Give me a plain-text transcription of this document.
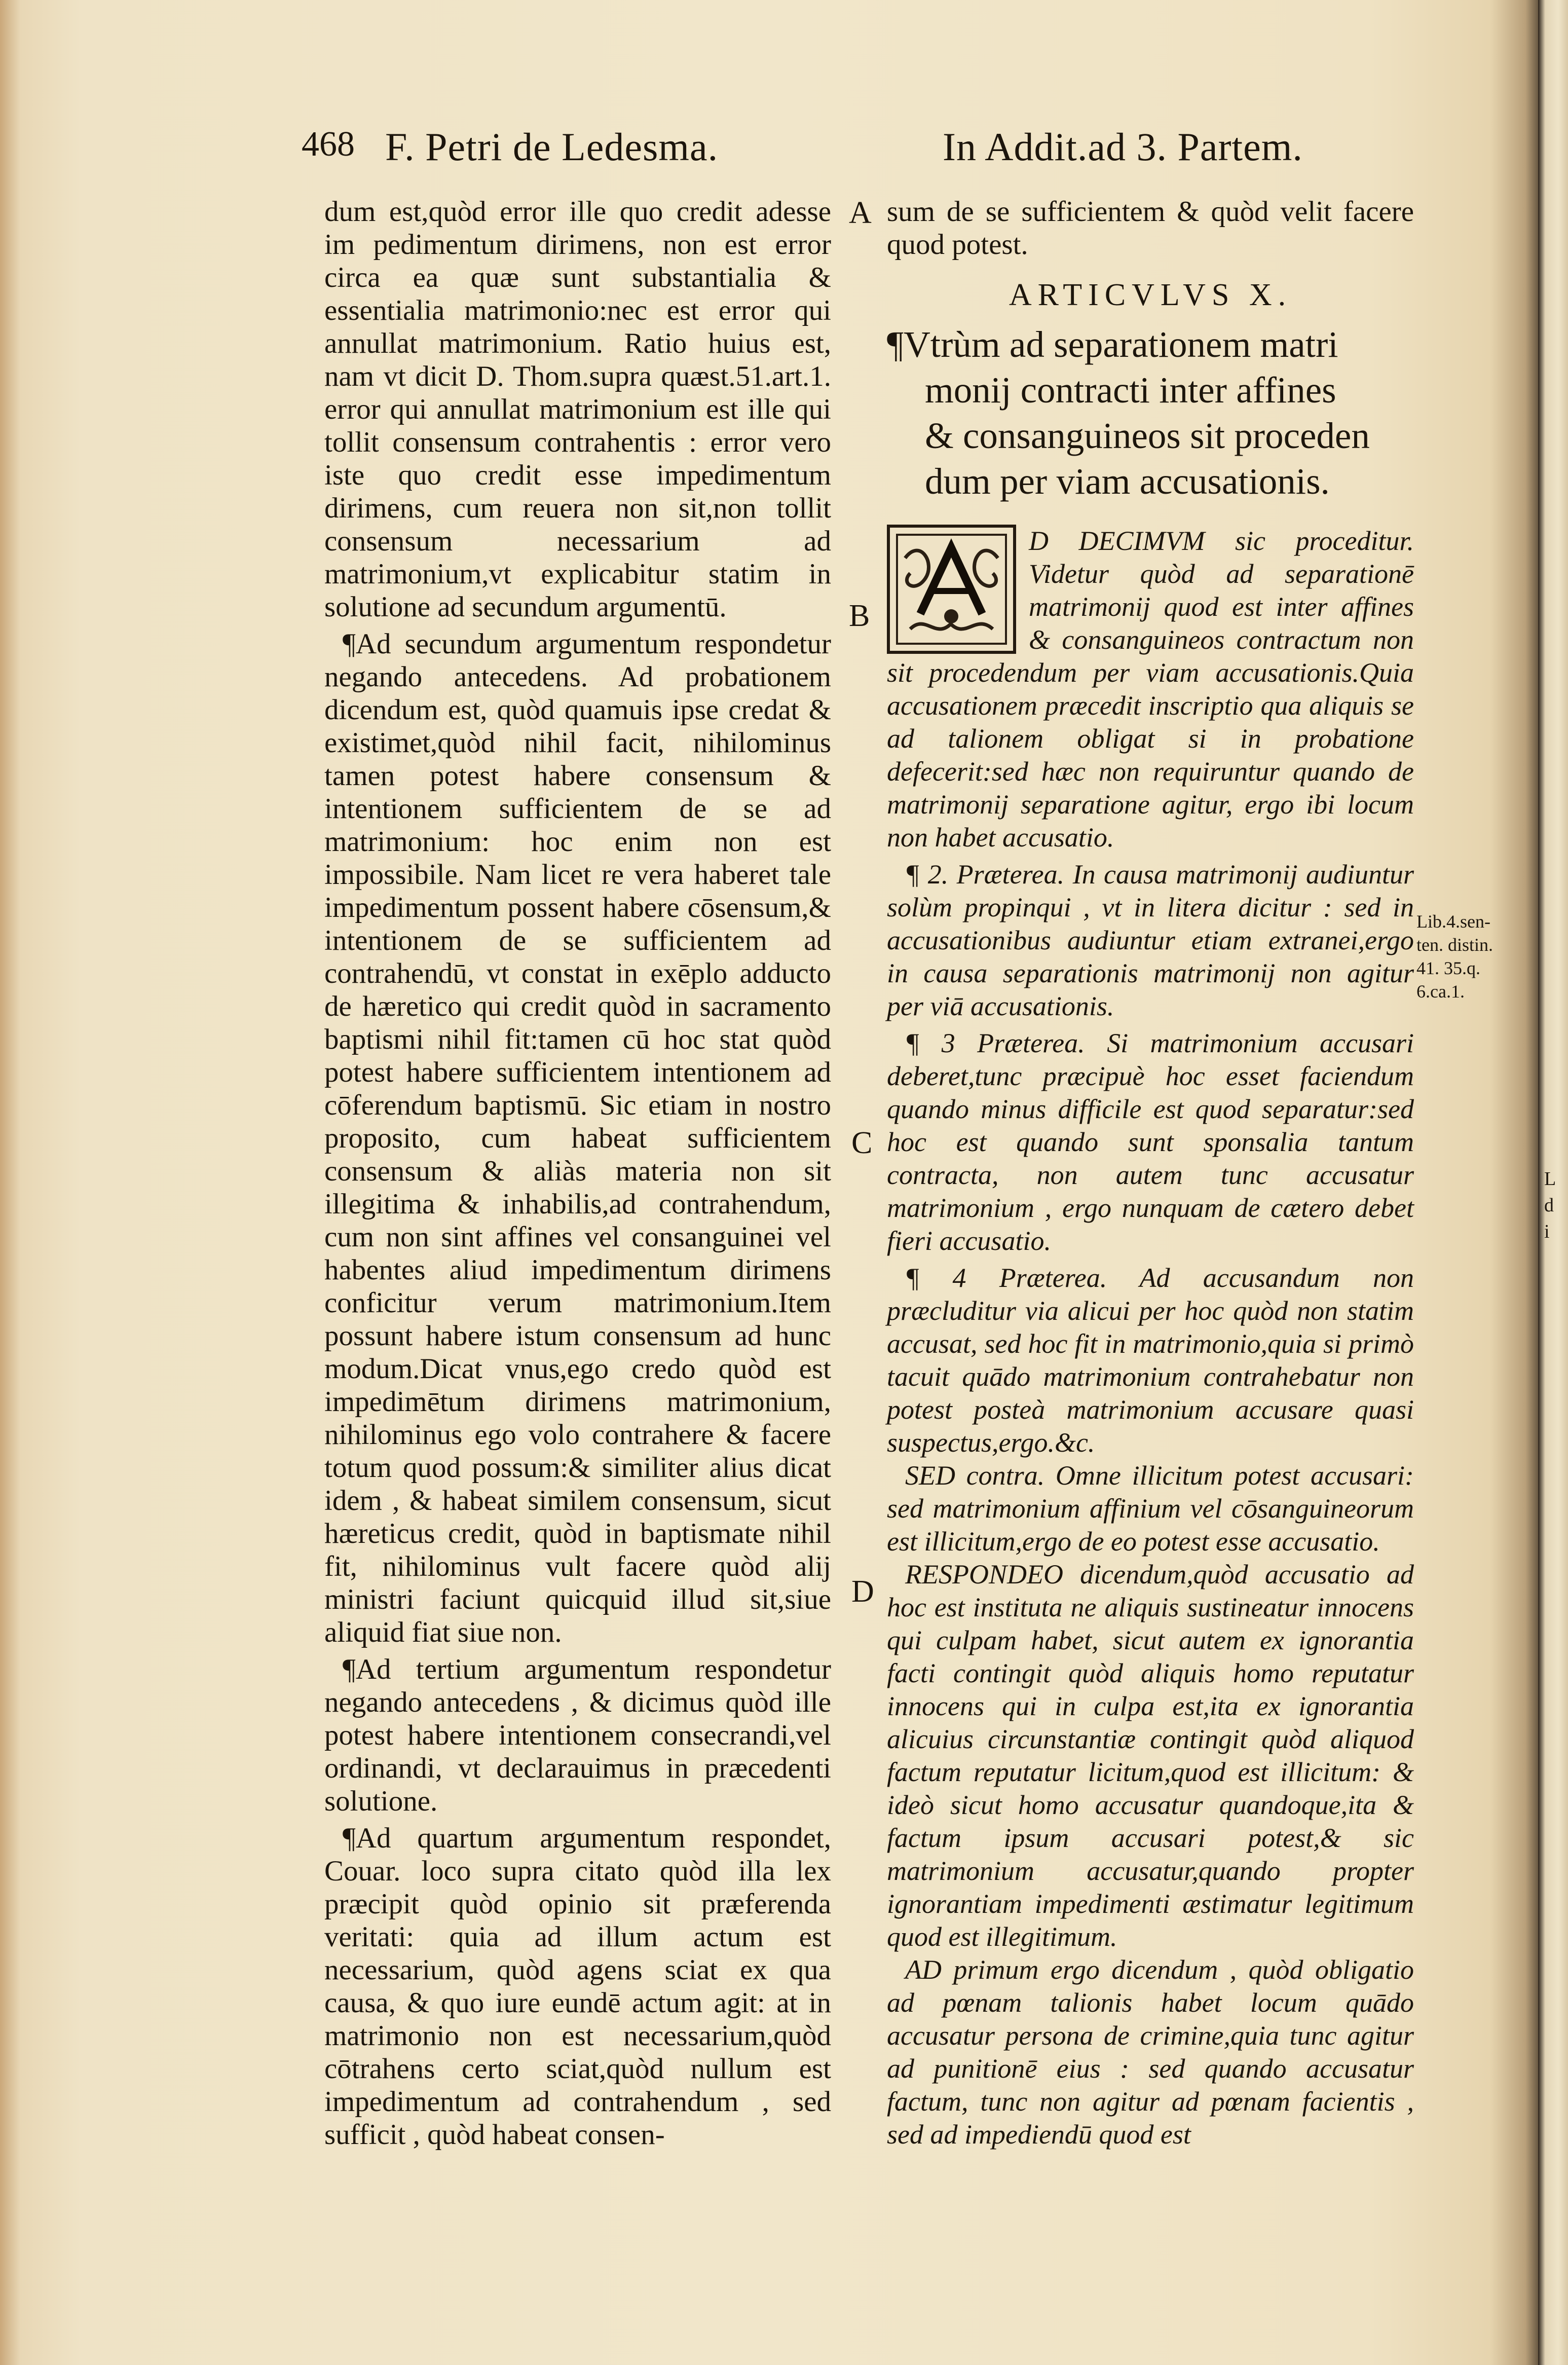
468 F. Petri de Ledesma.	In Addit.ad 3. Partem.

dum est,quòd error ille quo credit adesse im pedimentum dirimens, non est error circa ea quæ sunt substantialia & essentialia matrimonio:nec est error qui annullat matrimonium. Ratio huius est, nam vt dicit D. Thom.supra quæst.51.art.1. error qui annullat matrimonium est ille qui tollit consensum contrahentis : error vero iste quo credit esse impedimentum dirimens, cum reuera non sit,non tollit consensum necessarium ad matrimonium,vt explicabitur statim in solutione ad secundum argumentū.

¶Ad secundum argumentum respondetur negando antecedens. Ad probationem dicendum est, quòd quamuis ipse credat & existimet,quòd nihil facit, nihilominus tamen potest habere consensum & intentionem sufficientem de se ad matrimonium: hoc enim non est impossibile. Nam licet re vera haberet tale impedimentum possent habere cōsensum,& intentionem de se sufficientem ad contrahendū, vt constat in exēplo adducto de hæretico qui credit quòd in sacramento baptismi nihil fit:tamen cū hoc stat quòd potest habere sufficientem intentionem ad cōferendum baptismū. Sic etiam in nostro proposito, cum habeat sufficientem consensum & aliàs materia non sit illegitima & inhabilis,ad contrahendum, cum non sint affines vel consanguinei vel habentes aliud impedimentum dirimens conficitur verum matrimonium.Item possunt habere istum consensum ad hunc modum.Dicat vnus,ego credo quòd est impedimētum dirimens matrimonium, nihilominus ego volo contrahere & facere totum quod possum:& similiter alius dicat idem , & habeat similem consensum, sicut hæreticus credit, quòd in baptismate nihil fit, nihilominus vult facere quòd alij ministri faciunt quicquid illud sit,siue aliquid fiat siue non.

¶Ad tertium argumentum respondetur negando antecedens , & dicimus quòd ille potest habere intentionem consecrandi,vel ordinandi, vt declarauimus in præcedenti solutione.

¶Ad quartum argumentum respondet, Couar. loco supra citato quòd illa lex præcipit quòd opinio sit præferenda veritati: quia ad illum actum est necessarium, quòd agens sciat ex qua causa, & quo iure eundē actum agit: at in matrimonio non est necessarium,quòd cōtrahens certo sciat,quòd nullum est impedimentum ad contrahendum , sed sufficit , quòd habeat consen-

A
B
C
D

sum de se sufficientem & quòd velit facere quod potest.

ARTICVLVS X.
¶Vtrùm ad separationem matri
monij contracti inter affines
& consanguineos sit proceden
dum per viam accusationis.

D DECIMVM sic proceditur. Videtur quòd ad separationē matrimonij quod est inter affines & consanguineos contractum non sit procedendum per viam accusationis.Quia accusationem præcedit inscriptio qua aliquis se ad talionem obligat si in probatione defecerit:sed hæc non requiruntur quando de matrimonij separatione agitur, ergo ibi locum non habet accusatio.

¶ 2. Præterea. In causa matrimonij audiuntur solùm propinqui , vt in litera dicitur : sed in accusationibus audiuntur etiam extranei,ergo in causa separationis matrimonij non agitur per viā accusationis.

¶ 3 Præterea. Si matrimonium accusari deberet,tunc præcipuè hoc esset faciendum quando minus difficile est quod separatur:sed hoc est quando sunt sponsalia tantum contracta, non autem tunc accusatur matrimonium , ergo nunquam de cætero debet fieri accusatio.

¶ 4 Præterea. Ad accusandum non præcluditur via alicui per hoc quòd non statim accusat, sed hoc fit in matrimonio,quia si primò tacuit quādo matrimonium contrahebatur non potest posteà matrimonium accusare quasi suspectus,ergo.&c.

SED contra. Omne illicitum potest accusari: sed matrimonium affinium vel cōsanguineorum est illicitum,ergo de eo potest esse accusatio.

RESPONDEO dicendum,quòd accusatio ad hoc est instituta ne aliquis sustineatur innocens qui culpam habet, sicut autem ex ignorantia facti contingit quòd aliquis homo reputatur innocens qui in culpa est,ita ex ignorantia alicuius circunstantiæ contingit quòd aliquod factum reputatur licitum,quod est illicitum: & ideò sicut homo accusatur quandoque,ita & factum ipsum accusari potest,& sic matrimonium accusatur,quando propter ignorantiam impedimenti æstimatur legitimum quod est illegitimum.

AD primum ergo dicendum , quòd obligatio ad pœnam talionis habet locum quādo accusatur persona de crimine,quia tunc agitur ad punitionē eius : sed quando accusatur factum, tunc non agitur ad pœnam facientis , sed ad impediendū quod est

Lib.4.sen-
ten. distin.
41. 35.q.
6.ca.1.
L
d
i
